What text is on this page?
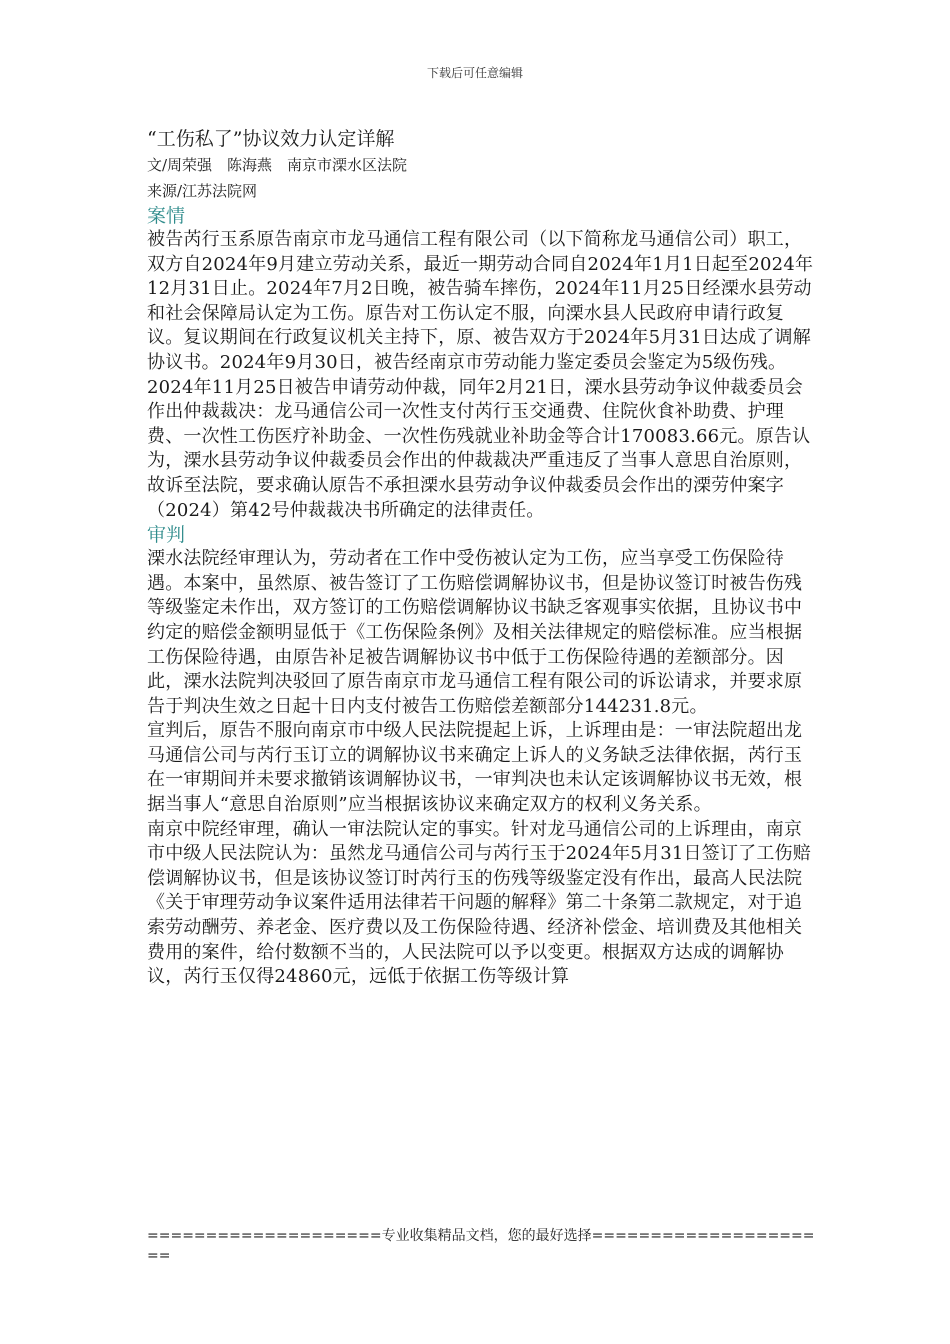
下载后可任意编辑
“工伤私了”协议效力认定详解

文/周荣强　陈海燕　南京市溧水区法院

来源/江苏法院网

案情

被告芮行玉系原告南京市龙马通信工程有限公司（以下简称龙马通信公司）职工，双方自2024年9月建立劳动关系，最近一期劳动合同自2024年1月1日起至2024年12月31日止。2024年7月2日晚，被告骑车摔伤，2024年11月25日经溧水县劳动和社会保障局认定为工伤。原告对工伤认定不服，向溧水县人民政府申请行政复议。复议期间在行政复议机关主持下，原、被告双方于2024年5月31日达成了调解协议书。2024年9月30日，被告经南京市劳动能力鉴定委员会鉴定为5级伤残。

2024年11月25日被告申请劳动仲裁，同年2月21日，溧水县劳动争议仲裁委员会作出仲裁裁决：龙马通信公司一次性支付芮行玉交通费、住院伙食补助费、护理费、一次性工伤医疗补助金、一次性伤残就业补助金等合计170083.66元。原告认为，溧水县劳动争议仲裁委员会作出的仲裁裁决严重违反了当事人意思自治原则，故诉至法院，要求确认原告不承担溧水县劳动争议仲裁委员会作出的溧劳仲案字（2024）第42号仲裁裁决书所确定的法律责任。

审判

溧水法院经审理认为，劳动者在工作中受伤被认定为工伤，应当享受工伤保险待遇。本案中，虽然原、被告签订了工伤赔偿调解协议书，但是协议签订时被告伤残等级鉴定未作出，双方签订的工伤赔偿调解协议书缺乏客观事实依据，且协议书中约定的赔偿金额明显低于《工伤保险条例》及相关法律规定的赔偿标准。应当根据工伤保险待遇，由原告补足被告调解协议书中低于工伤保险待遇的差额部分。因此，溧水法院判决驳回了原告南京市龙马通信工程有限公司的诉讼请求，并要求原告于判决生效之日起十日内支付被告工伤赔偿差额部分144231.8元。

宣判后，原告不服向南京市中级人民法院提起上诉，上诉理由是：一审法院超出龙马通信公司与芮行玉订立的调解协议书来确定上诉人的义务缺乏法律依据，芮行玉在一审期间并未要求撤销该调解协议书，一审判决也未认定该调解协议书无效，根据当事人“意思自治原则”应当根据该协议来确定双方的权利义务关系。

南京中院经审理，确认一审法院认定的事实。针对龙马通信公司的上诉理由，南京市中级人民法院认为：虽然龙马通信公司与芮行玉于2024年5月31日签订了工伤赔偿调解协议书，但是该协议签订时芮行玉的伤残等级鉴定没有作出，最高人民法院《关于审理劳动争议案件适用法律若干问题的解释》第二十条第二款规定，对于追索劳动酬劳、养老金、医疗费以及工伤保险待遇、经济补偿金、培训费及其他相关费用的案件，给付数额不当的，人民法院可以予以变更。根据双方达成的调解协议，芮行玉仅得24860元，远低于依据工伤等级计算

====================专业收集精品文档，您的最好选择=====================
